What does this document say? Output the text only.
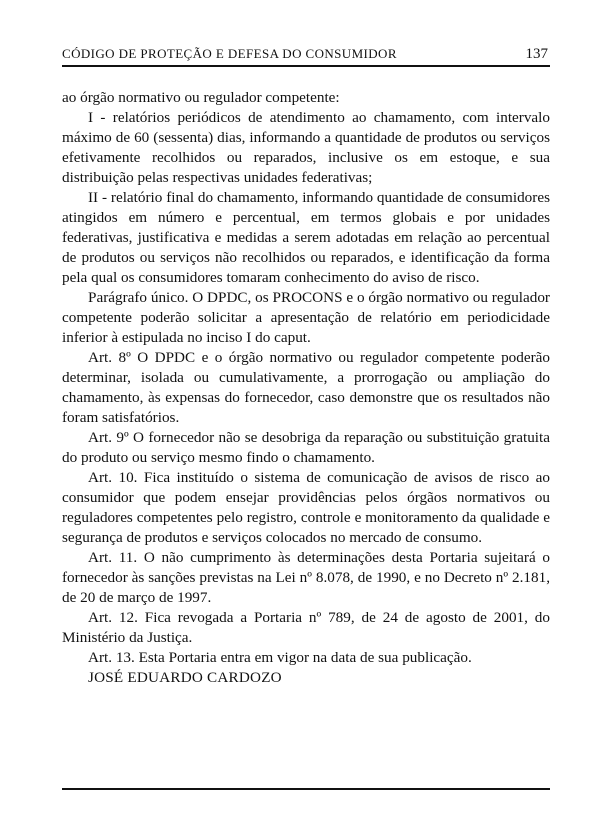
CÓDIGO DE PROTEÇÃO E DEFESA DO CONSUMIDOR	137

ao órgão normativo ou regulador competente:

I - relatórios periódicos de atendimento ao chamamento, com intervalo máximo de 60 (sessenta) dias, informando a quantidade de produtos ou serviços efetivamente recolhidos ou reparados, inclusive os em estoque, e sua distribuição pelas respectivas unidades federativas;

II - relatório final do chamamento, informando quantidade de consumidores atingidos em número e percentual, em termos globais e por unidades federativas, justificativa e medidas a serem adotadas em relação ao percentual de produtos ou serviços não recolhidos ou reparados, e identificação da forma pela qual os consumidores tomaram conhecimento do aviso de risco.

Parágrafo único. O DPDC, os PROCONS e o órgão normativo ou regulador competente poderão solicitar a apresentação de relatório em periodicidade inferior à estipulada no inciso I do caput.

Art. 8º O DPDC e o órgão normativo ou regulador competente poderão determinar, isolada ou cumulativamente, a prorrogação ou ampliação do chamamento, às expensas do fornecedor, caso demonstre que os resultados não foram satisfatórios.

Art. 9º O fornecedor não se desobriga da reparação ou substituição gratuita do produto ou serviço mesmo findo o chamamento.

Art. 10. Fica instituído o sistema de comunicação de avisos de risco ao consumidor que podem ensejar providências pelos órgãos normativos ou reguladores competentes pelo registro, controle e monitoramento da qualidade e segurança de produtos e serviços colocados no mercado de consumo.

Art. 11. O não cumprimento às determinações desta Portaria sujeitará o fornecedor às sanções previstas na Lei nº 8.078, de 1990, e no Decreto nº 2.181, de 20 de março de 1997.

Art. 12. Fica revogada a Portaria nº 789, de 24 de agosto de 2001, do Ministério da Justiça.

Art. 13. Esta Portaria entra em vigor na data de sua publicação.

JOSÉ EDUARDO CARDOZO
